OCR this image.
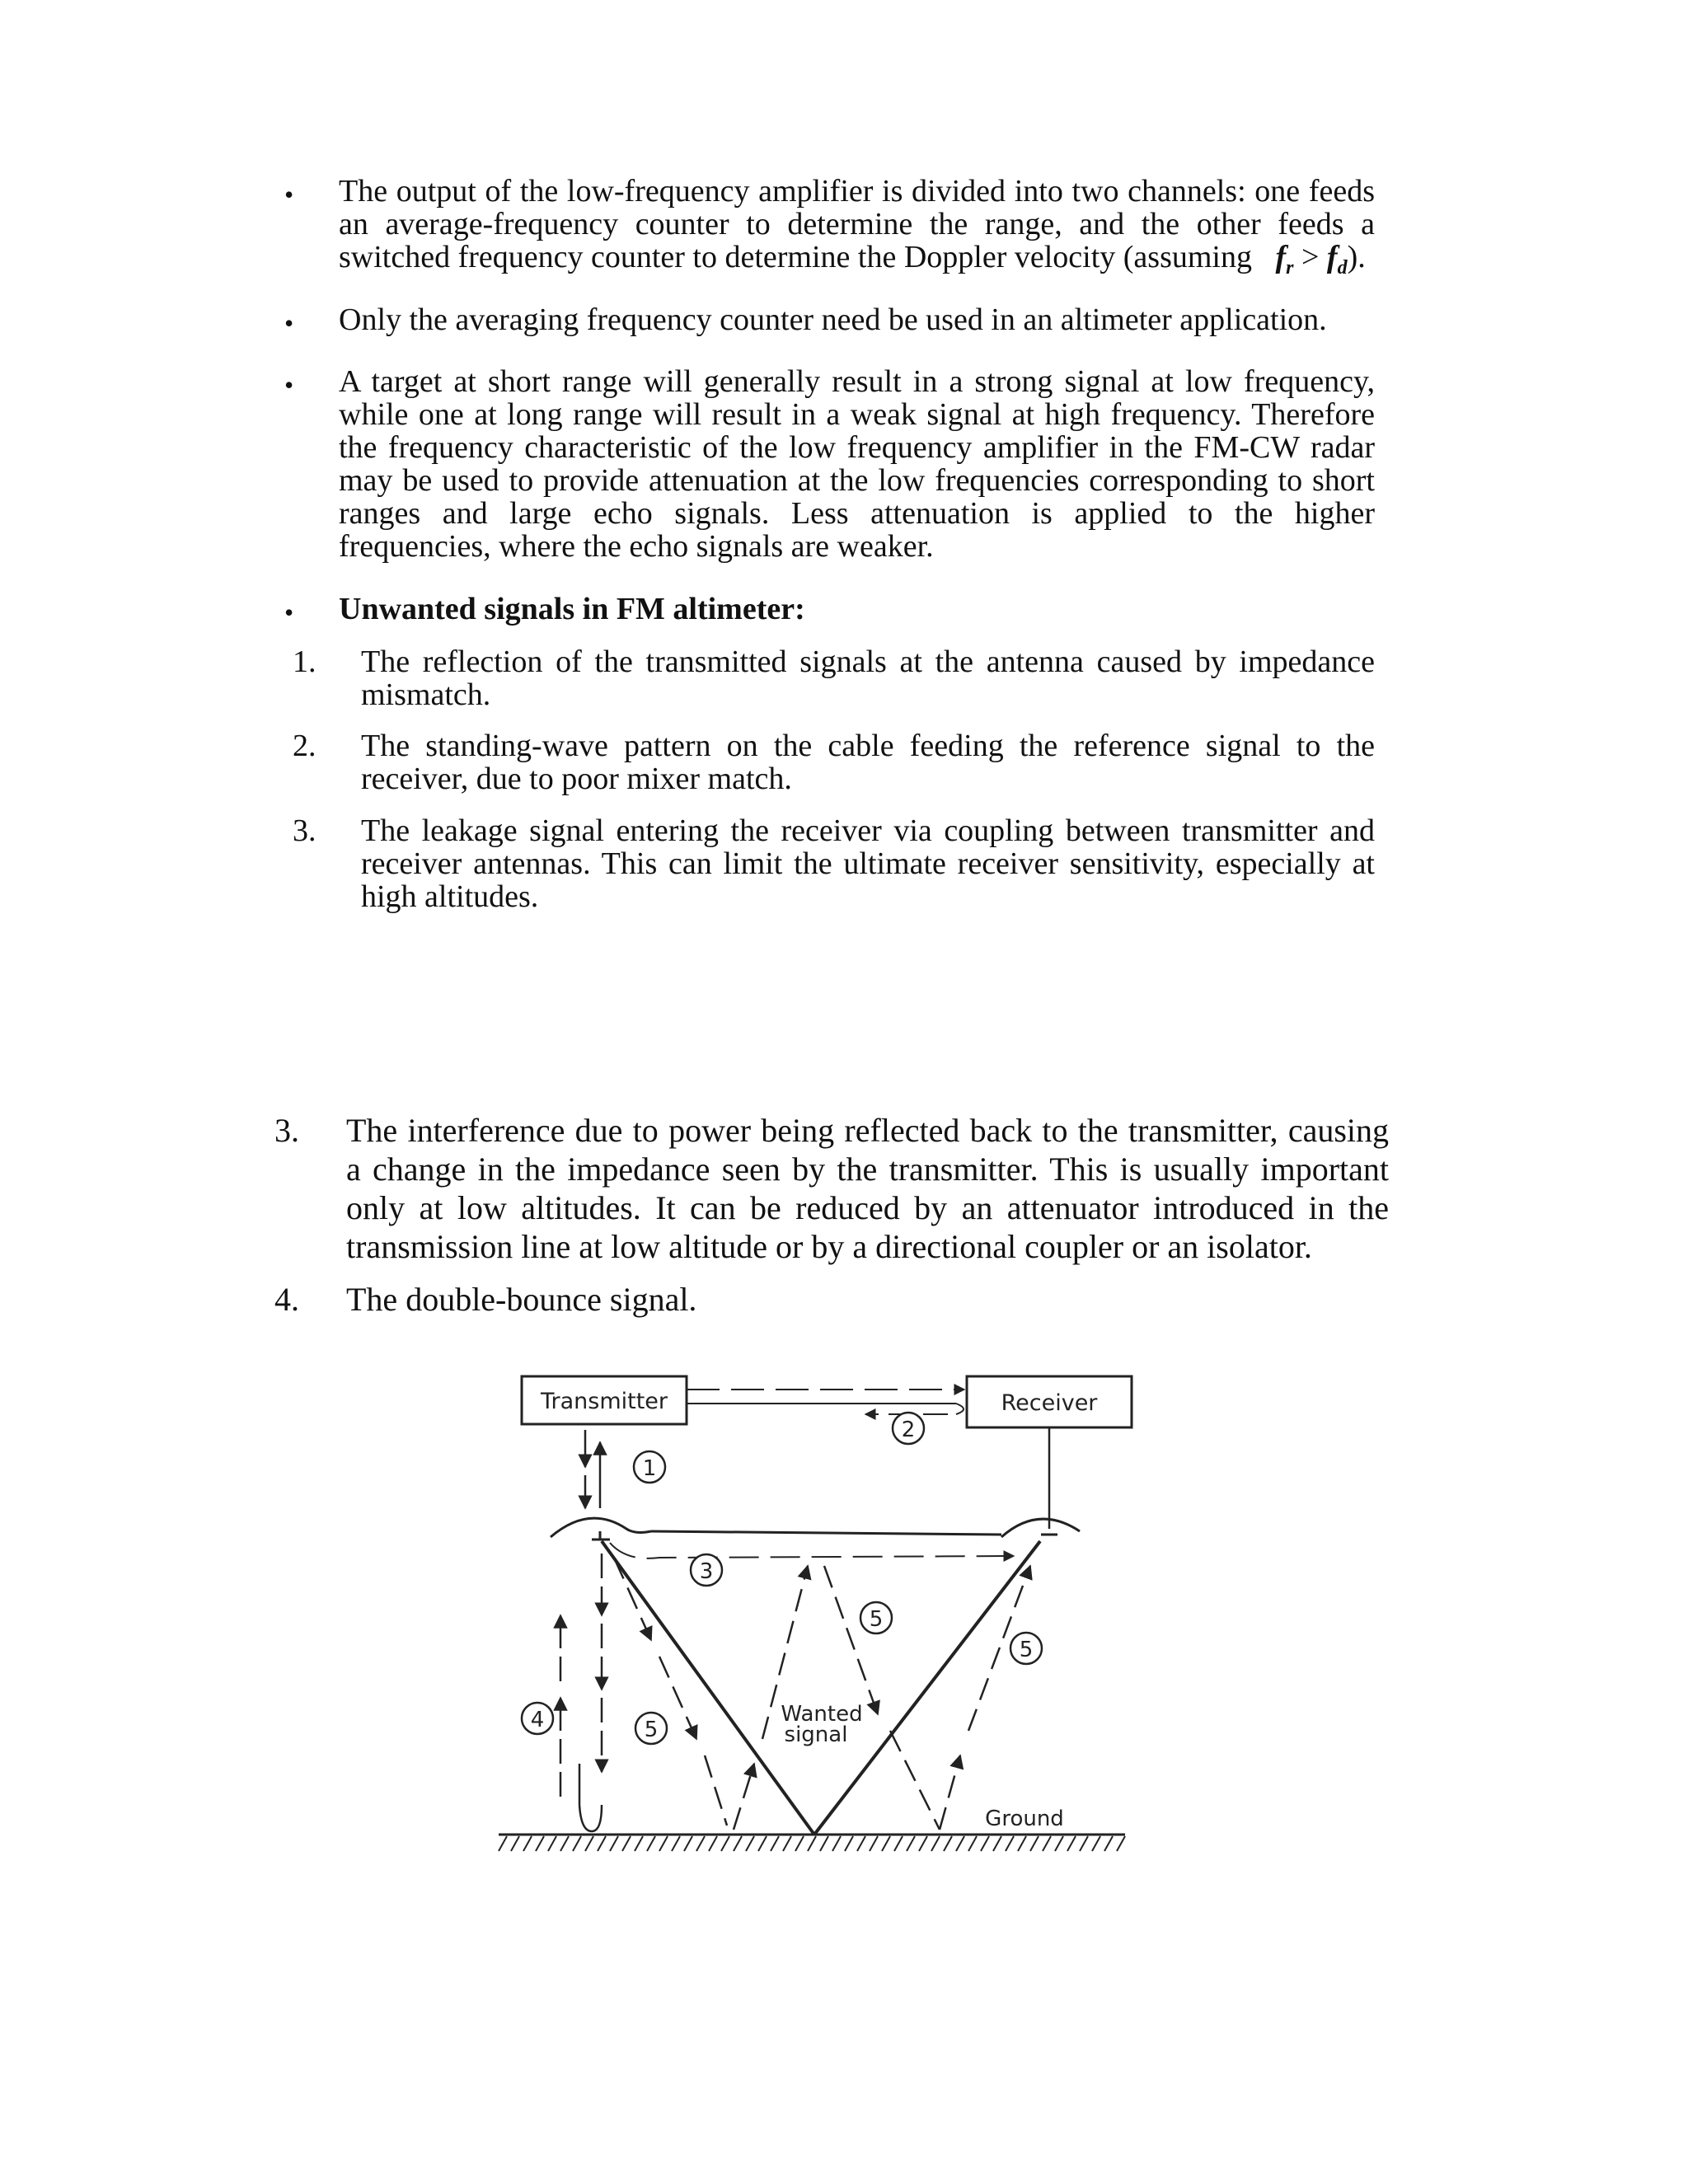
• The output of the low-frequency amplifier is divided into two channels: one feeds an average-frequency counter to determine the range, and the other feeds a switched frequency counter to determine the Doppler velocity (assuming $f_r > f_d$).
• Only the averaging frequency counter need be used in an altimeter application.
• A target at short range will generally result in a strong signal at low frequency, while one at long range will result in a weak signal at high frequency. Therefore the frequency characteristic of the low frequency amplifier in the FM-CW radar may be used to provide attenuation at the low frequencies corresponding to short ranges and large echo signals. Less attenuation is applied to the higher frequencies, where the echo signals are weaker.
• Unwanted signals in FM altimeter:
1. The reflection of the transmitted signals at the antenna caused by impedance mismatch.
2. The standing-wave pattern on the cable feeding the reference signal to the receiver, due to poor mixer match.
3. The leakage signal entering the receiver via coupling between transmitter and receiver antennas. This can limit the ultimate receiver sensitivity, especially at high altitudes.
3. The interference due to power being reflected back to the transmitter, causing a change in the impedance seen by the transmitter. This is usually important only at low altitudes. It can be reduced by an attenuator introduced in the transmission line at low altitude or by a directional coupler or an isolator.
4. The double-bounce signal.
Transmitter	Receiver
1
2
3
4	5
5
5
Wanted
signal
Ground
